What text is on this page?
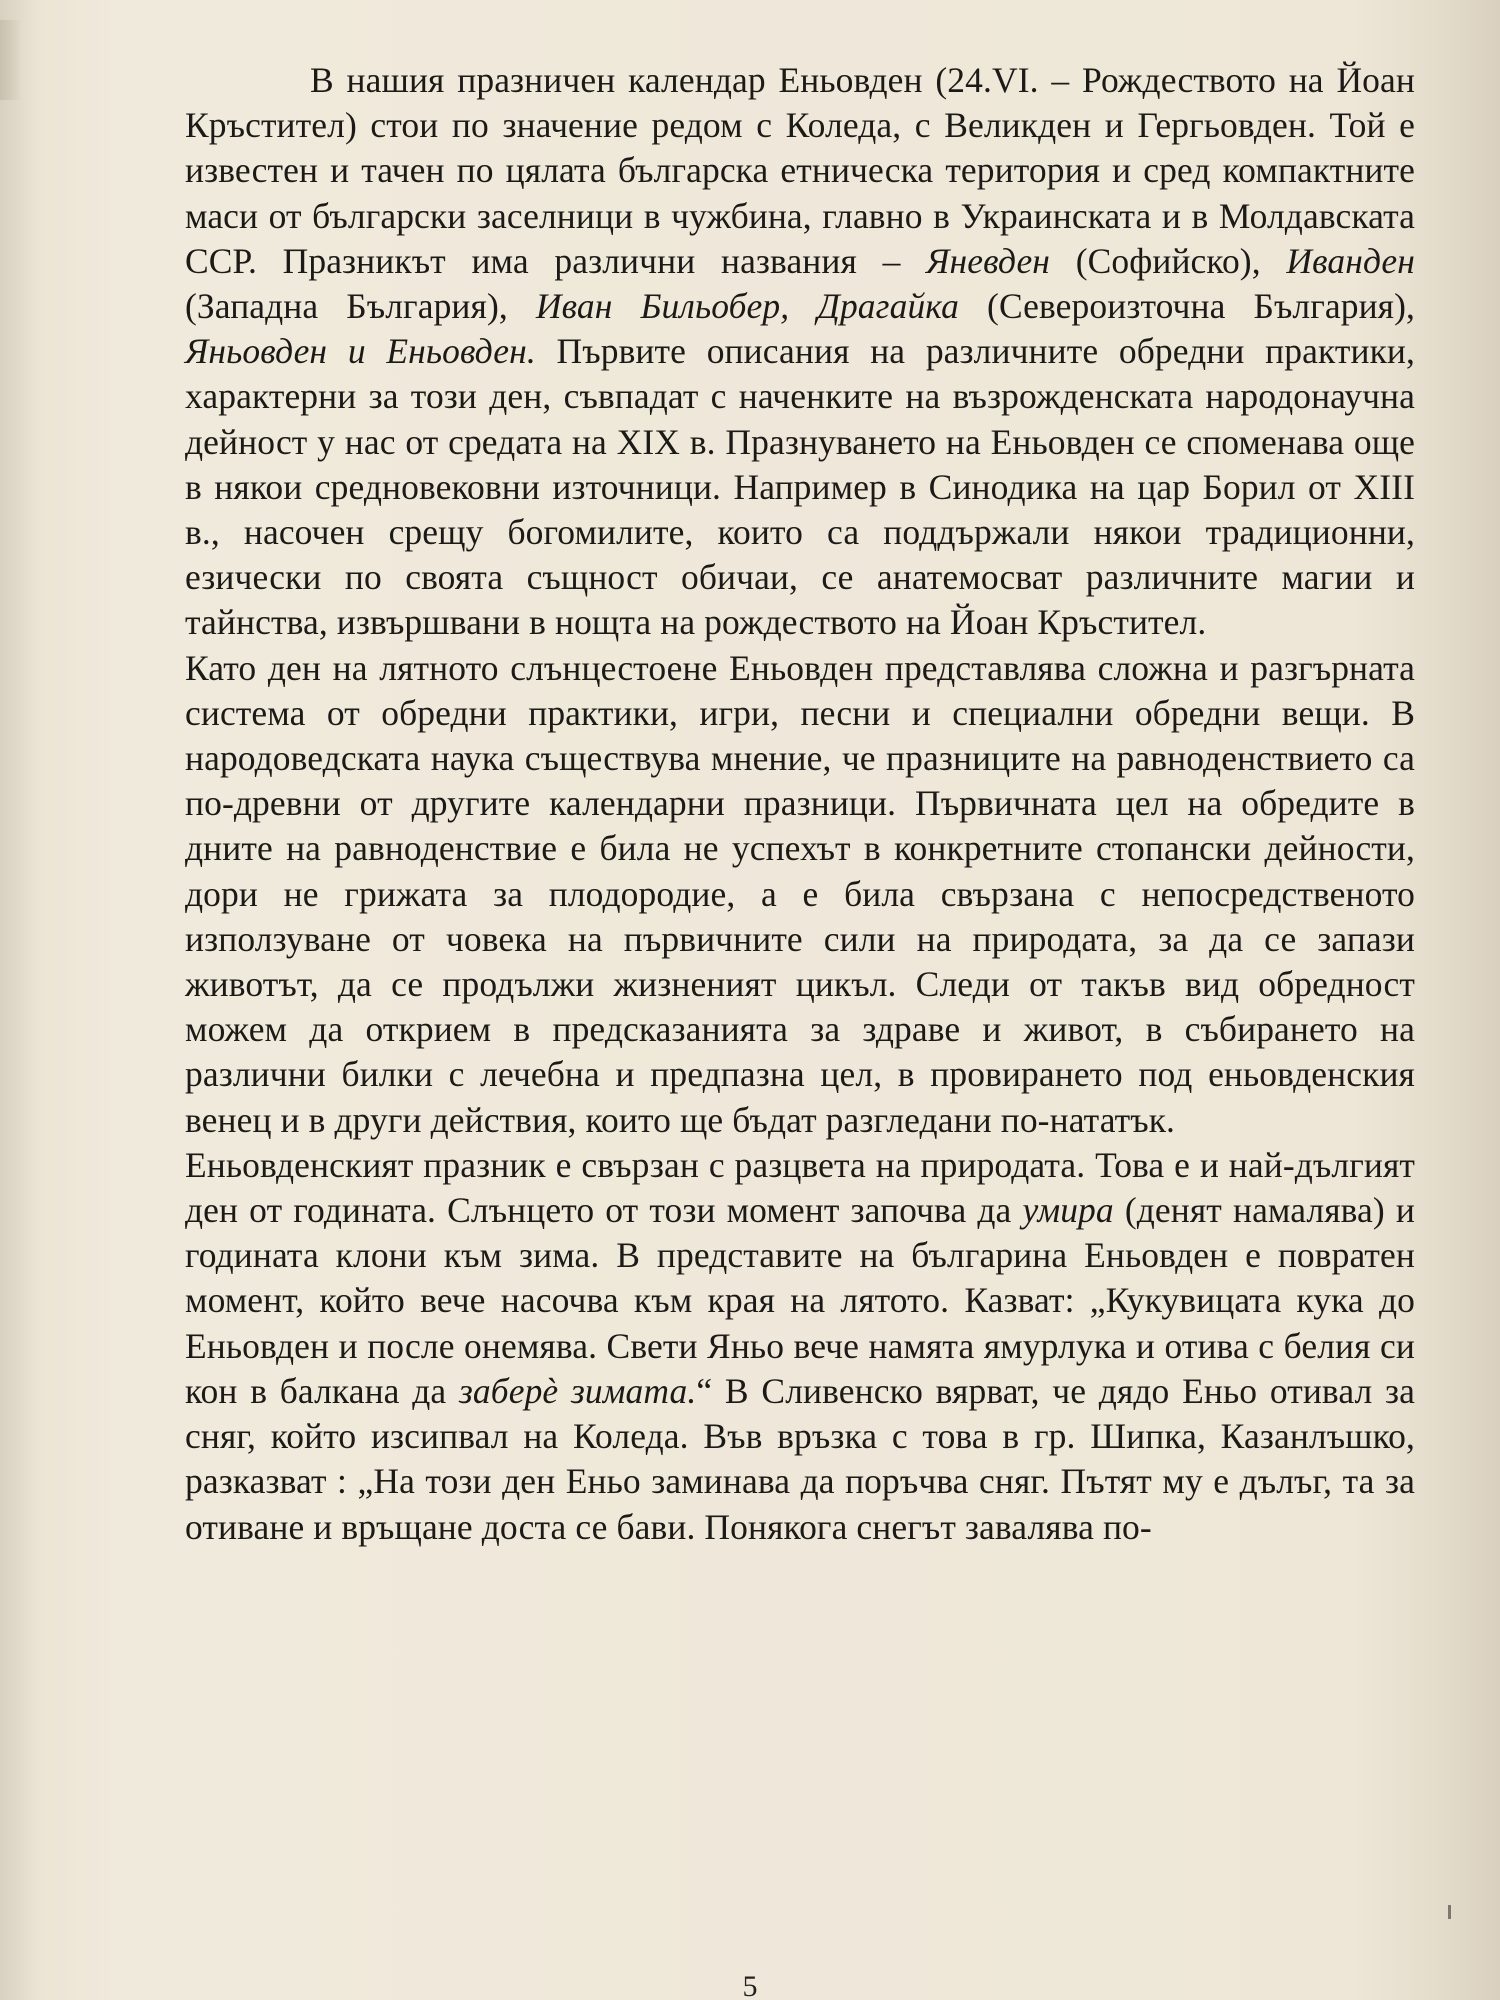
В нашия празничен календар Еньовден (24.VI. – Рождеството на Йоан Кръстител) стои по значение редом с Коледа, с Великден и Гергьовден. Той е известен и тачен по цялата българска етническа територия и сред компактните маси от български заселници в чужбина, главно в Украинската и в Молдавската ССР. Празникът има различни названия – Яневден (Софийско), Иванден (Западна България), Иван Бильобер, Драгайка (Североизточна България), Яньовден и Еньовден. Първите описания на различните обредни практики, характерни за този ден, съвпадат с наченките на възрожденската народонаучна дейност у нас от средата на XIX в. Празнуването на Еньовден се споменава още в някои средновековни източници. Например в Синодика на цар Борил от XIII в., насочен срещу богомилите, които са поддържали някои традиционни, езически по своята същност обичаи, се анатемосват различните магии и тайнства, извършвани в нощта на рождеството на Йоан Кръстител.

Като ден на лятното слънцестоене Еньовден представлява сложна и разгърната система от обредни практики, игри, песни и специални обредни вещи. В народоведската наука съществува мнение, че празниците на равноденствието са по-древни от другите календарни празници. Първичната цел на обредите в дните на равноденствие е била не успехът в конкретните стопански дейности, дори не грижата за плодородие, а е била свързана с непосредственото използуване от човека на първичните сили на природата, за да се запази животът, да се продължи жизненият цикъл. Следи от такъв вид обредност можем да открием в предсказанията за здраве и живот, в събирането на различни билки с лечебна и предпазна цел, в провирането под еньовденския венец и в други действия, които ще бъдат разгледани по-нататък.

Еньовденският празник е свързан с разцвета на природата. Това е и най-дългият ден от годината. Слънцето от този момент започва да умира (денят намалява) и годината клони към зима. В представите на българина Еньовден е повратен момент, който вече насочва към края на лятото. Казват: „Кукувицата кука до Еньовден и после онемява. Свети Яньо вече намята ямурлука и отива с белия си кон в балкана да заберѐ зимата.“ В Сливенско вярват, че дядо Еньо отивал за сняг, който изсипвал на Коледа. Във връзка с това в гр. Шипка, Казанлъшко, разказват : „На този ден Еньо заминава да поръчва сняг. Пътят му е дълъг, та за отиване и връщане доста се бави. Понякога снегът завалява по-

5
